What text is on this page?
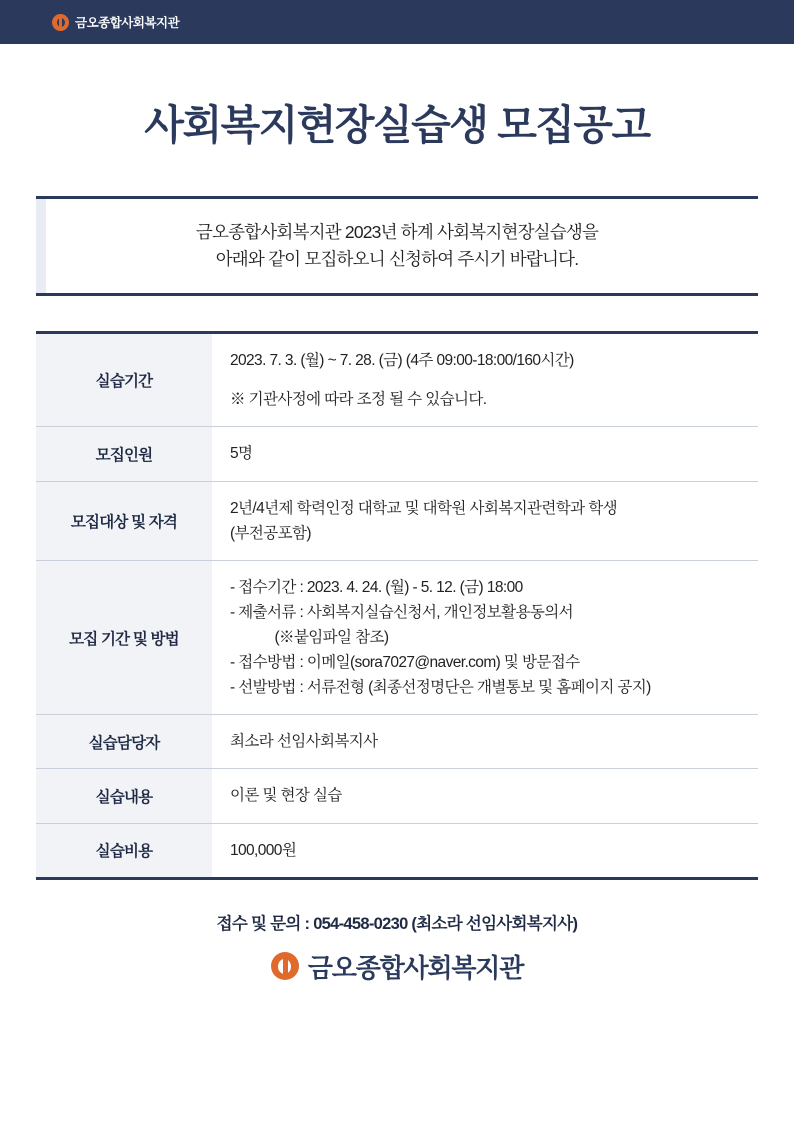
금오종합사회복지관
사회복지현장실습생 모집공고
금오종합사회복지관 2023년 하계 사회복지현장실습생을
아래와 같이 모집하오니 신청하여 주시기 바랍니다.
실습기간	2023. 7. 3. (월) ~ 7. 28. (금) (4주 09:00-18:00/160시간)
※ 기관사정에 따라 조정 될 수 있습니다.

모집인원	5명

모집대상 및 자격	2년/4년제 학력인정 대학교 및 대학원 사회복지관련학과 학생
(부전공포함)

모집 기간 및 방법	- 접수기간 : 2023. 4. 24. (월) - 5. 12. (금) 18:00
- 제출서류 : 사회복지실습신청서, 개인정보활용동의서
(※붙임파일 참조)
- 접수방법 : 이메일(sora7027@naver.com) 및 방문접수
- 선발방법 : 서류전형 (최종선정명단은 개별통보 및 홈페이지 공지)

실습담당자	최소라 선임사회복지사

실습내용	이론 및 현장 실습

실습비용	100,000원
접수 및 문의 : 054-458-0230 (최소라 선임사회복지사)
금오종합사회복지관
